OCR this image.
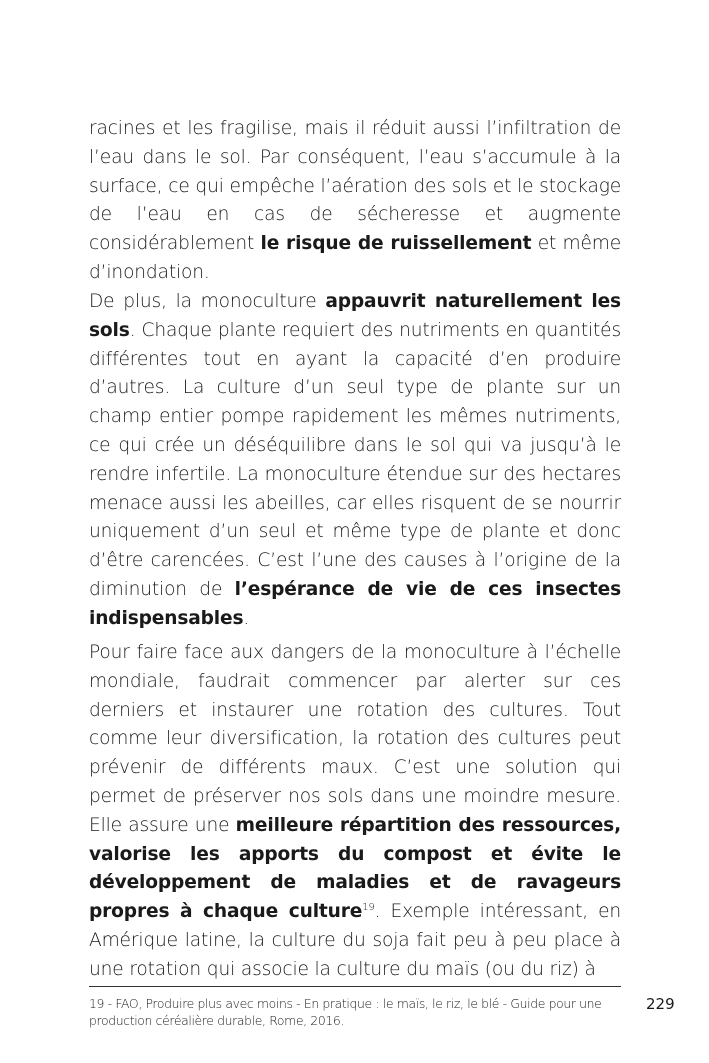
racines et les fragilise, mais il réduit aussi l’infiltration de l’eau dans le sol. Par conséquent, l’eau s’accumule à la surface, ce qui empêche l’aération des sols et le stockage de l’eau en cas de sécheresse et augmente considérablement le risque de ruissellement et même d’inondation.

De plus, la monoculture appauvrit naturellement les sols. Chaque plante requiert des nutriments en quantités différentes tout en ayant la capacité d’en produire d’autres. La culture d’un seul type de plante sur un champ entier pompe rapidement les mêmes nutriments, ce qui crée un déséquilibre dans le sol qui va jusqu’à le rendre infertile. La monoculture étendue sur des hectares menace aussi les abeilles, car elles risquent de se nourrir uniquement d’un seul et même type de plante et donc d’être carencées. C’est l’une des causes à l’origine de la diminution de l’espérance de vie de ces insectes indispensables.

Pour faire face aux dangers de la monoculture à l’échelle mondiale, faudrait commencer par alerter sur ces derniers et instaurer une rotation des cultures. Tout comme leur diversification, la rotation des cultures peut prévenir de différents maux. C’est une solution qui permet de préserver nos sols dans une moindre mesure. Elle assure une meilleure répartition des ressources, valorise les apports du compost et évite le développement de maladies et de ravageurs propres à chaque culture$^{19}$. Exemple intéressant, en Amérique latine, la culture du soja fait peu à peu place à une rotation qui associe la culture du maïs (ou du riz) à

19 - FAO, Produire plus avec moins - En pratique : le maïs, le riz, le blé - Guide pour une production céréalière durable, Rome, 2016.
229
